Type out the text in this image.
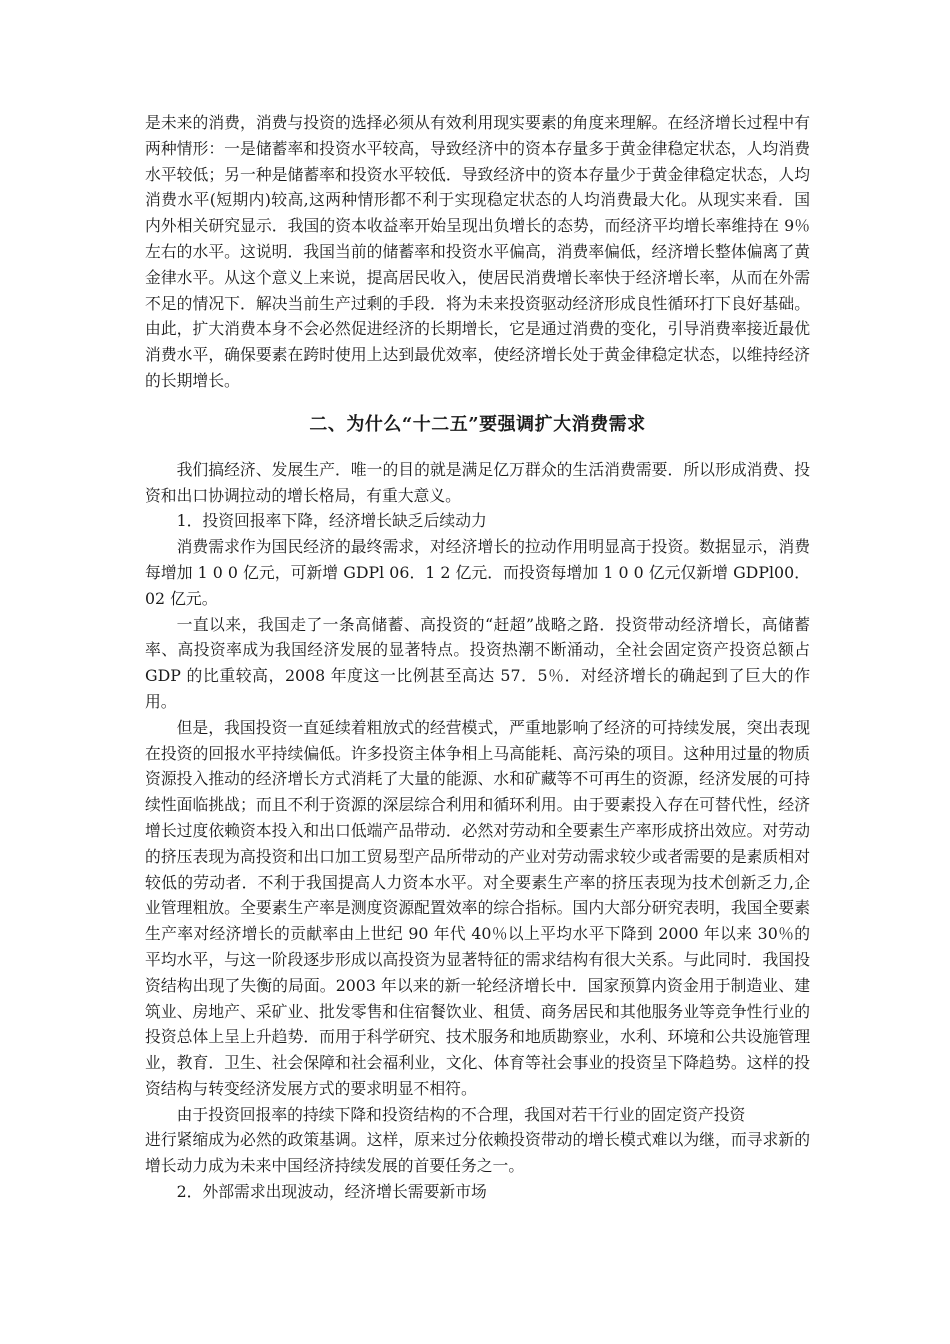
是未来的消费，消费与投资的选择必须从有效利用现实要素的角度来理解。在经济增长过程中有两种情形：一是储蓄率和投资水平较高，导致经济中的资本存量多于黄金律稳定状态，人均消费水平较低；另一种是储蓄率和投资水平较低．导致经济中的资本存量少于黄金律稳定状态，人均消费水平(短期内)较高,这两种情形都不利于实现稳定状态的人均消费最大化。从现实来看．国内外相关研究显示．我国的资本收益率开始呈现出负增长的态势，而经济平均增长率维持在 9％左右的水平。这说明．我国当前的储蓄率和投资水平偏高，消费率偏低，经济增长整体偏离了黄金律水平。从这个意义上来说，提高居民收入，使居民消费增长率快于经济增长率，从而在外需不足的情况下．解决当前生产过剩的手段．将为未来投资驱动经济形成良性循环打下良好基础。由此，扩大消费本身不会必然促进经济的长期增长，它是通过消费的变化，引导消费率接近最优消费水平，确保要素在跨时使用上达到最优效率，使经济增长处于黄金律稳定状态，以维持经济的长期增长。

二、为什么“十二五”要强调扩大消费需求

我们搞经济、发展生产．唯一的目的就是满足亿万群众的生活消费需要．所以形成消费、投资和出口协调拉动的增长格局，有重大意义。

1．投资回报率下降，经济增长缺乏后续动力

消费需求作为国民经济的最终需求，对经济增长的拉动作用明显高于投资。数据显示，消费每增加 1 0 0 亿元，可新增 GDPl 06．1 2 亿元．而投资每增加 1 0 0 亿元仅新增 GDPl00．02 亿元。

一直以来，我国走了一条高储蓄、高投资的“赶超”战略之路．投资带动经济增长，高储蓄率、高投资率成为我国经济发展的显著特点。投资热潮不断涌动，全社会固定资产投资总额占 GDP 的比重较高，2008 年度这一比例甚至高达 57．5％．对经济增长的确起到了巨大的作用。

但是，我国投资一直延续着粗放式的经营模式，严重地影响了经济的可持续发展，突出表现在投资的回报水平持续偏低。许多投资主体争相上马高能耗、高污染的项目。这种用过量的物质资源投入推动的经济增长方式消耗了大量的能源、水和矿藏等不可再生的资源，经济发展的可持续性面临挑战；而且不利于资源的深层综合利用和循环利用。由于要素投入存在可替代性，经济增长过度依赖资本投入和出口低端产品带动．必然对劳动和全要素生产率形成挤出效应。对劳动的挤压表现为高投资和出口加工贸易型产品所带动的产业对劳动需求较少或者需要的是素质相对较低的劳动者．不利于我国提高人力资本水平。对全要素生产率的挤压表现为技术创新乏力,企业管理粗放。全要素生产率是测度资源配置效率的综合指标。国内大部分研究表明，我国全要素生产率对经济增长的贡献率由上世纪 90 年代 40％以上平均水平下降到 2000 年以来 30％的平均水平，与这一阶段逐步形成以高投资为显著特征的需求结构有很大关系。与此同时．我国投资结构出现了失衡的局面。2003 年以来的新一轮经济增长中．国家预算内资金用于制造业、建筑业、房地产、采矿业、批发零售和住宿餐饮业、租赁、商务居民和其他服务业等竞争性行业的投资总体上呈上升趋势．而用于科学研究、技术服务和地质勘察业，水利、环境和公共设施管理业，教育．卫生、社会保障和社会福利业，文化、体育等社会事业的投资呈下降趋势。这样的投资结构与转变经济发展方式的要求明显不相符。

由于投资回报率的持续下降和投资结构的不合理，我国对若干行业的固定资产投资

进行紧缩成为必然的政策基调。这样，原来过分依赖投资带动的增长模式难以为继，而寻求新的增长动力成为未来中国经济持续发展的首要任务之一。

2．外部需求出现波动，经济增长需要新市场
